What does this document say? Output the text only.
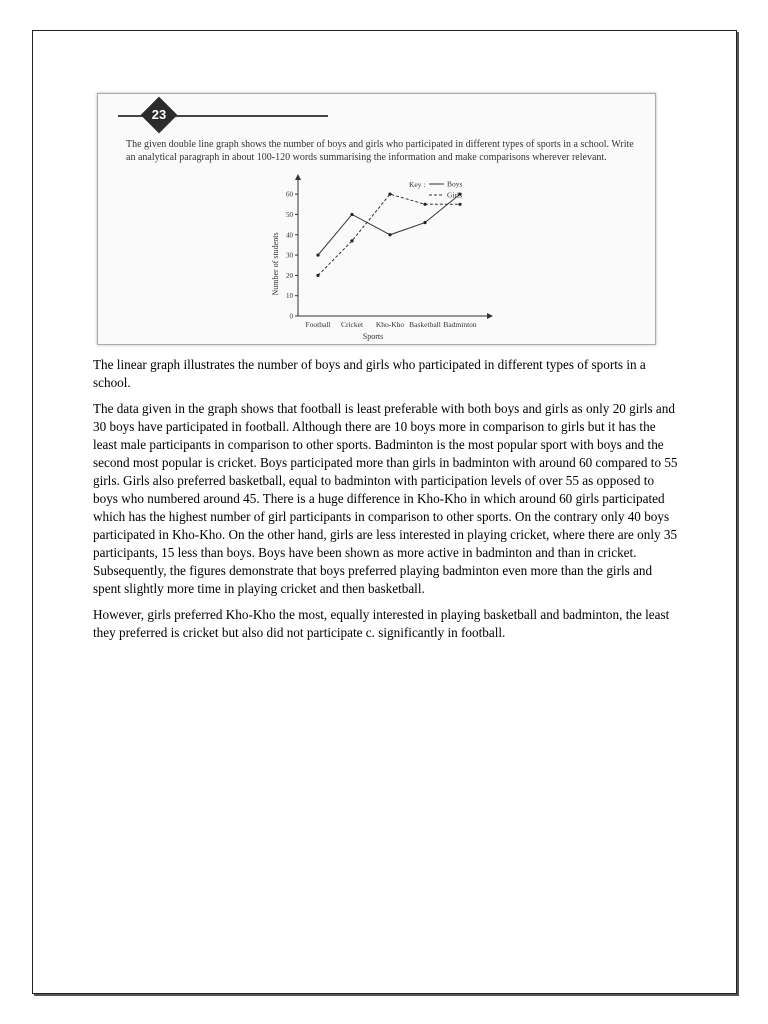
23
The given double line graph shows the number of boys and girls who participated in different types of sports in a school. Write an analytical paragraph in about 100-120 words summarising the information and make comparisons wherever relevant.
0
10
20
30
40
50
60
Football Cricket Kho-Kho Basketball Badminton
Key :	Boys
Girls
Number of students
Sports

The linear graph illustrates the number of boys and girls who participated in different types of sports in a school.

The data given in the graph shows that football is least preferable with both boys and girls as only 20 girls and 30 boys have participated in football. Although there are 10 boys more in comparison to girls but it has the least male participants in comparison to other sports. Badminton is the most popular sport with boys and the second most popular is cricket. Boys participated more than girls in badminton with around 60 compared to 55 girls. Girls also preferred basketball, equal to badminton with participation levels of over 55 as opposed to boys who numbered around 45. There is a huge difference in Kho-Kho in which around 60 girls participated which has the highest number of girl participants in comparison to other sports. On the contrary only 40 boys participated in Kho-Kho. On the other hand, girls are less interested in playing cricket, where there are only 35 participants, 15 less than boys. Boys have been shown as more active in badminton and than in cricket. Subsequently, the figures demonstrate that boys preferred playing badminton even more than the girls and spent slightly more time in playing cricket and then basketball.

However, girls preferred Kho-Kho the most, equally interested in playing basketball and badminton, the least they preferred is cricket but also did not participate c. significantly in football.
